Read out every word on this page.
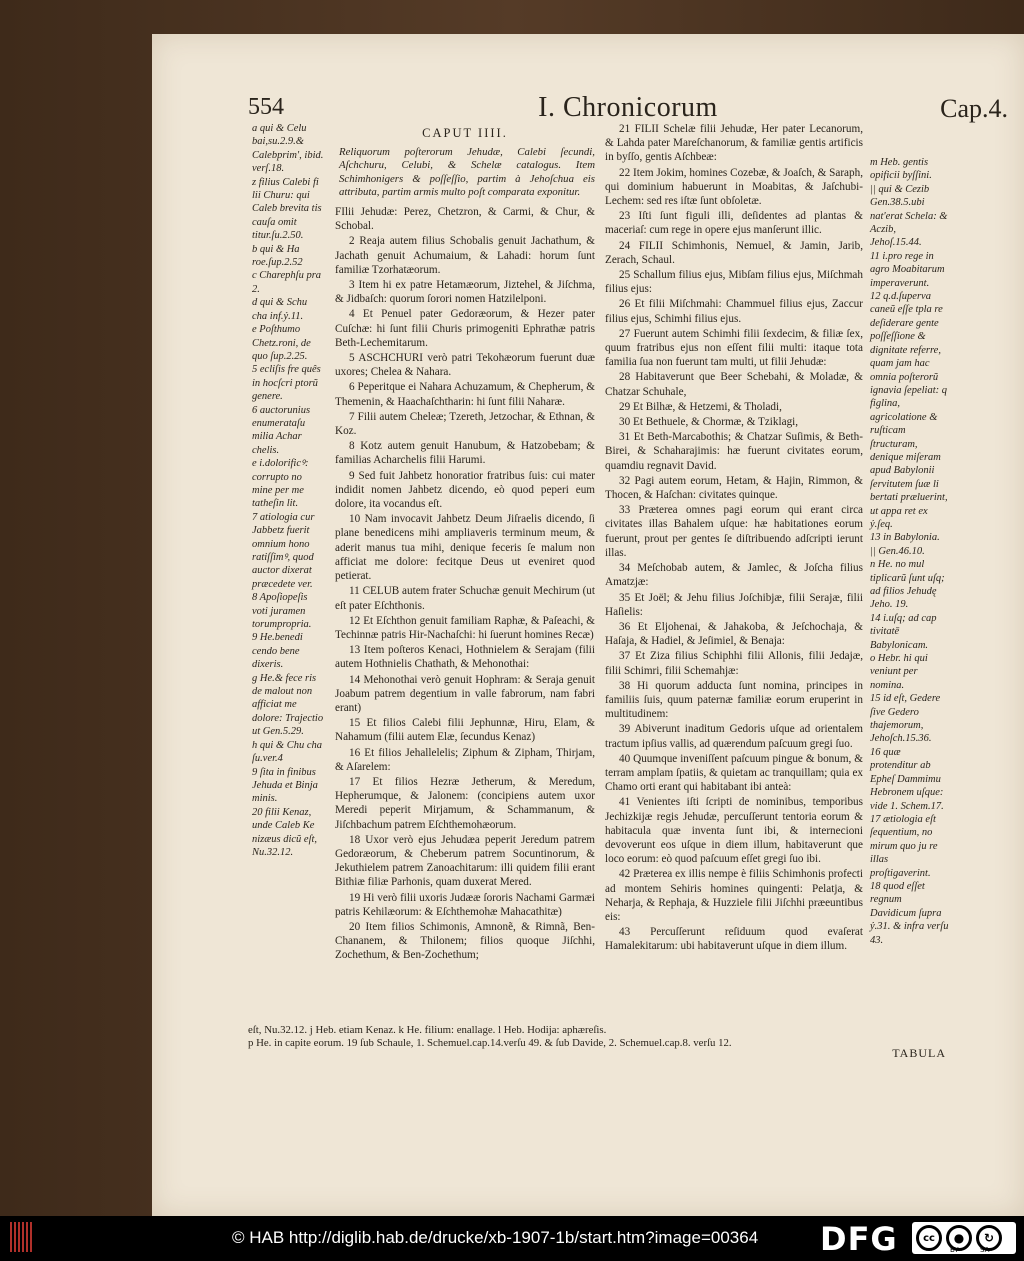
554	I. Chronicorum	Cap.4.
a qui & Celu bai,su.2.9.& Calebprim', ibid. verſ.18.
z filius Calebi fi lii Churu: qui Caleb brevita tis cauſa omit titur.ſu.2.50.
b qui & Ha roe.ſup.2.52
c Charephſu pra 2.
d qui & Schu cha inf.ỷ.11.
e Poſthumo Chetz.roni, de quo ſup.2.25.
5 ecliſis fre quês in hocſcri ptorũ genere.
6 auctorunius enumerataſu milia Achar chelis.
e i.dolorificꝰ: corrupto no mine per me tatheſin lit.
7 atiologia cur Jabbetz fuerit omnium hono ratiſſimꝰ, quod auctor dixerat præcedete ver.
8 Apoſiopeſis voti juramen torumpropria.
9 He.benedi cendo bene dixeris.
g He.& fece ris de malout non afficiat me dolore: Trajectio ut Gen.5.29.
h qui & Chu cha ſu.ver.4
9 ſita in finibus Jehuda et Binja minis.
20 filii Kenaz, unde Caleb Ke nizæus dicũ eſt, Nu.32.12.
CAPUT IIII.
Reliquorum poſterorum Jehudæ, Calebi ſecundi, Aſchchuru, Celubi, & Schelæ catalogus. Item Schimhonigers & poſſeſſio, partim à Jehoſchua eis attributa, partim armis multo poſt comparata exponitur.
FIlii Jehudæ: Perez, Chetzron, & Carmi, & Chur, & Schobal.
2 Reaja autem filius Schobalis genuit Jachathum, & Jachath genuit Achumaium, & Lahadi: horum ſunt familiæ Tzorhatæorum.
3 Item hi ex patre Hetamæorum, Jiztehel, & Jiſchma, & Jidbaſch: quorum ſorori nomen Hatzilelponi.
4 Et Penuel pater Gedoræorum, & Hezer pater Cuſchæ: hi ſunt filii Churis primogeniti Ephrathæ patris Beth-Lechemitarum.
5 ASCHCHURI verò patri Tekohæorum fuerunt duæ uxores; Chelea & Nahara.
6 Peperitque ei Nahara Achuzamum, & Chepherum, & Themenin, & Haachaſchtharin: hi ſunt filii Naharæ.
7 Filii autem Cheleæ; Tzereth, Jetzochar, & Ethnan, & Koz.
8 Kotz autem genuit Hanubum, & Hatzobebam; & familias Acharchelis filii Harumi.
9 Sed fuit Jahbetz honoratior fratribus ſuis: cui mater indidit nomen Jahbetz dicendo, eò quod peperi eum dolore, ita vocandus eſt.
10 Nam invocavit Jahbetz Deum Jiſraelis dicendo, ſi plane benedicens mihi ampliaveris terminum meum, & aderit manus tua mihi, denique feceris ſe malum non afficiat me dolore: fecitque Deus ut eveniret quod petierat.
11 CELUB autem frater Schuchæ genuit Mechirum (ut eſt pater Eſchthonis.
12 Et Eſchthon genuit familiam Raphæ, & Paſeachi, & Techinnæ patris Hir-Nachaſchi: hi ſuerunt homines Recæ)
13 Item poſteros Kenaci, Hothnielem & Serajam (filii autem Hothnielis Chathath, & Mehonothai:
14 Mehonothai verò genuit Hophram: & Seraja genuit Joabum patrem degentium in valle fabrorum, nam fabri erant)
15 Et filios Calebi filii Jephunnæ, Hiru, Elam, & Nahamum (filii autem Elæ, ſecundus Kenaz)
16 Et filios Jehallelelis; Ziphum & Zipham, Thirjam, & Aſarelem:
17 Et filios Hezræ Jetherum, & Meredum, Hepherumque, & Jalonem: (concipiens autem uxor Meredi peperit Mirjamum, & Schammanum, & Jiſchbachum patrem Eſchthemohæorum.
18 Uxor verò ejus Jehudæa peperit Jeredum patrem Gedoræorum, & Cheberum patrem Socuntinorum, & Jekuthielem patrem Zanoachitarum: illi quidem filii erant Bithiæ filiæ Parhonis, quam duxerat Mered.
19 Hi verò filii uxoris Judææ ſororis Nachami Garmæi patris Kehilæorum: & Eſchthemohæ Mahacathitæ)
20 Item filios Schimonis, Amnonẽ, & Rimnã, Ben-Chananem, & Thilonem; filios quoque Jiſchhi, Zochethum, & Ben-Zochethum;
21 FILII Schelæ filii Jehudæ, Her pater Lecanorum, & Lahda pater Mareſchanorum, & familiæ gentis artificis in byſſo, gentis Aſchbeæ:
22 Item Jokim, homines Cozebæ, & Joaſch, & Saraph, qui dominium habuerunt in Moabitas, & Jaſchubi-Lechem: sed res iſtæ ſunt obſoletæ.
23 Iſti ſunt figuli illi, deſidentes ad plantas & maceriaſ: cum rege in opere ejus manſerunt illic.
24 FILII Schimhonis, Nemuel, & Jamin, Jarib, Zerach, Schaul.
25 Schallum filius ejus, Mibſam filius ejus, Miſchmah filius ejus:
26 Et filii Miſchmahi: Chammuel filius ejus, Zaccur filius ejus, Schimhi filius ejus.
27 Fuerunt autem Schimhi filii ſexdecim, & filiæ ſex, quum fratribus ejus non eſſent filii multi: itaque tota familia ſua non fuerunt tam multi, ut filii Jehudæ:
28 Habitaverunt que Beer Schebahi, & Moladæ, & Chatzar Schuhale,
29 Et Bilhæ, & Hetzemi, & Tholadi,
30 Et Bethuele, & Chormæ, & Tziklagi,
31 Et Beth-Marcabothis; & Chatzar Suſimis, & Beth-Birei, & Schaharajimis: hæ fuerunt civitates eorum, quamdiu regnavit David.
32 Pagi autem eorum, Hetam, & Hajin, Rimmon, & Thocen, & Haſchan: civitates quinque.
33 Præterea omnes pagi eorum qui erant circa civitates illas Bahalem uſque: hæ habitationes eorum fuerunt, prout per gentes ſe diſtribuendo adſcripti ierunt illas.
34 Meſchobab autem, & Jamlec, & Joſcha filius Amatzjæ:
35 Et Joël; & Jehu filius Joſchibjæ, filii Serajæ, filii Haſielis:
36 Et Eljohenai, & Jahakoba, & Jeſchochaja, & Haſaja, & Hadiel, & Jeſimiel, & Benaja:
37 Et Ziza filius Schiphhi filii Allonis, filii Jedajæ, filii Schimri, filii Schemahjæ:
38 Hi quorum adducta ſunt nomina, principes in familiis ſuis, quum paternæ familiæ eorum eruperint in multitudinem:
39 Abiverunt inaditum Gedoris uſque ad orientalem tractum ipſius vallis, ad quærendum paſcuum gregi ſuo.
40 Quumque inveniſſent paſcuum pingue & bonum, & terram amplam ſpatiis, & quietam ac tranquillam; quia ex Chamo orti erant qui habitabant ibi anteà:
41 Venientes iſti ſcripti de nominibus, temporibus Jechizkijæ regis Jehudæ, percuſſerunt tentoria eorum & habitacula quæ inventa ſunt ibi, & internecioni devoverunt eos uſque in diem illum, habitaverunt que loco eorum: eò quod paſcuum eſſet gregi ſuo ibi.
42 Præterea ex illis nempe è filiis Schimhonis profecti ad montem Sehiris homines quingenti: Pelatja, & Neharja, & Rephaja, & Huzziele filii Jiſchhi præeuntibus eis:
43 Percuſſerunt reſiduum quod evaſerat Hamalekitarum: ubi habitaverunt uſque in diem illum.
m Heb. gentis opificii byſſini.
|| qui & Cezib Gen.38.5.ubi nat'erat Schela: & Aczib, Jehoſ.15.44.
11 i.pro rege in agro Moabitarum imperaverunt.
12 q.d.ſuperva caneũ eſſe tpla re deſiderare gente poſſeſſione & dignitate referre, quam jam hac omnia poſterorũ ignavia ſepeliat: q figlina, agricolatione & ruſticam ſtructuram, denique miſeram apud Babylonii ſervitutem ſuæ li bertati præluerint, ut appa ret ex ỷ.ſeq.
13 in Babylonia.
|| Gen.46.10.
n He. no mul tiplicarũ ſunt uſq; ad filios Jehudę Jeho. 19.
14 i.uſq; ad cap tivitatē Babylonicam.
o Hebr. hi qui veniunt per nomina.
15 id eſt, Gedere ſive Gedero thajemorum, Jehoſch.15.36.
16 quæ protenditur ab Epheſ Dammimu Hebronem uſque: vide 1. Schem.17.
17 ætiologia eſt ſequentium, no mirum quo ju re illas proſtigaverint.
18 quod eſſet regnum Davidicum ſupra ỷ.31. & infra verſu 43.
eſt, Nu.32.12. j Heb. etiam Kenaz. k He. filium: enallage. l Heb. Hodija: aphæreſis.
p He. in capite eorum. 19 ſub Schaule, 1. Schemuel.cap.14.verſu 49. & ſub Davide, 2. Schemuel.cap.8. verſu 12.
TABULA
© HAB http://diglib.hab.de/drucke/xb-1907-1b/start.htm?image=00364 DFG	cc	●	↻
BY	SA
